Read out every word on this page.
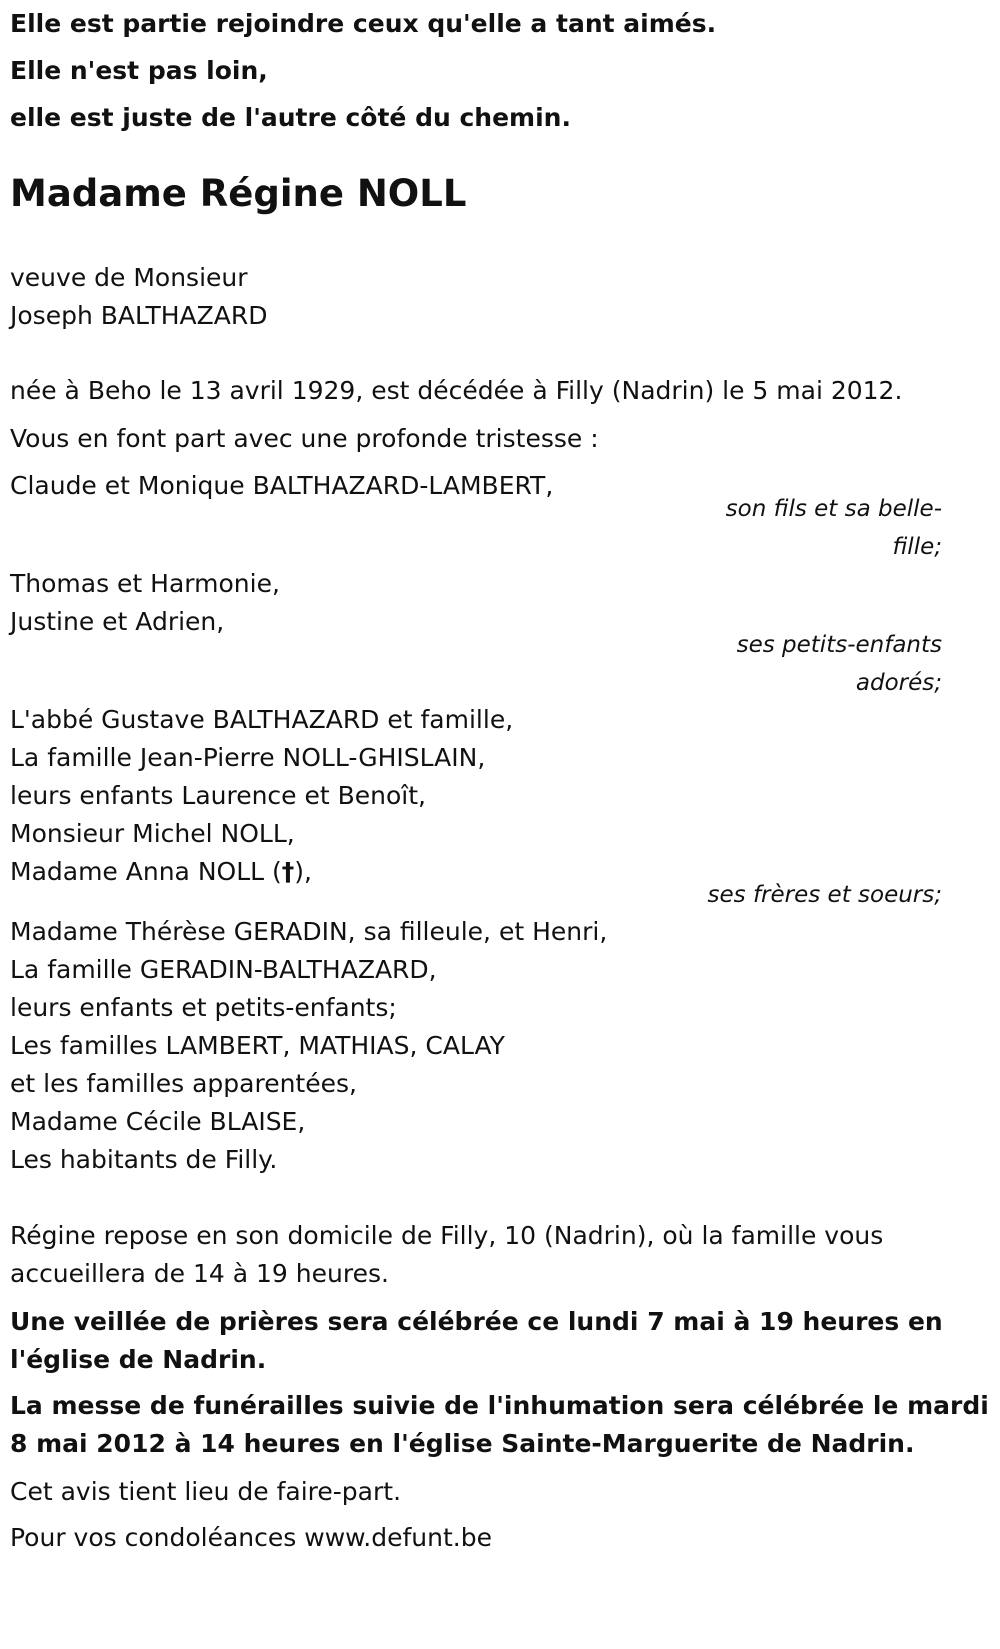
Elle est partie rejoindre ceux qu'elle a tant aimés.
Elle n'est pas loin,
elle est juste de l'autre côté du chemin.
Madame Régine NOLL
veuve de Monsieur
Joseph BALTHAZARD
née à Beho le 13 avril 1929, est décédée à Filly (Nadrin) le 5 mai 2012.
Vous en font part avec une profonde tristesse :
Claude et Monique BALTHAZARD-LAMBERT,
son fils et sa belle-
fille;
Thomas et Harmonie,
Justine et Adrien,
ses petits-enfants
adorés;
L'abbé Gustave BALTHAZARD et famille,
La famille Jean-Pierre NOLL-GHISLAIN,
leurs enfants Laurence et Benoît,
Monsieur Michel NOLL,
Madame Anna NOLL (†),
ses frères et soeurs;
Madame Thérèse GERADIN, sa filleule, et Henri,
La famille GERADIN-BALTHAZARD,
leurs enfants et petits-enfants;
Les familles LAMBERT, MATHIAS, CALAY
et les familles apparentées,
Madame Cécile BLAISE,
Les habitants de Filly.
Régine repose en son domicile de Filly, 10 (Nadrin), où la famille vous
accueillera de 14 à 19 heures.
Une veillée de prières sera célébrée ce lundi 7 mai à 19 heures en
l'église de Nadrin.
La messe de funérailles suivie de l'inhumation sera célébrée le mardi
8 mai 2012 à 14 heures en l'église Sainte-Marguerite de Nadrin.
Cet avis tient lieu de faire-part.
Pour vos condoléances www.defunt.be
